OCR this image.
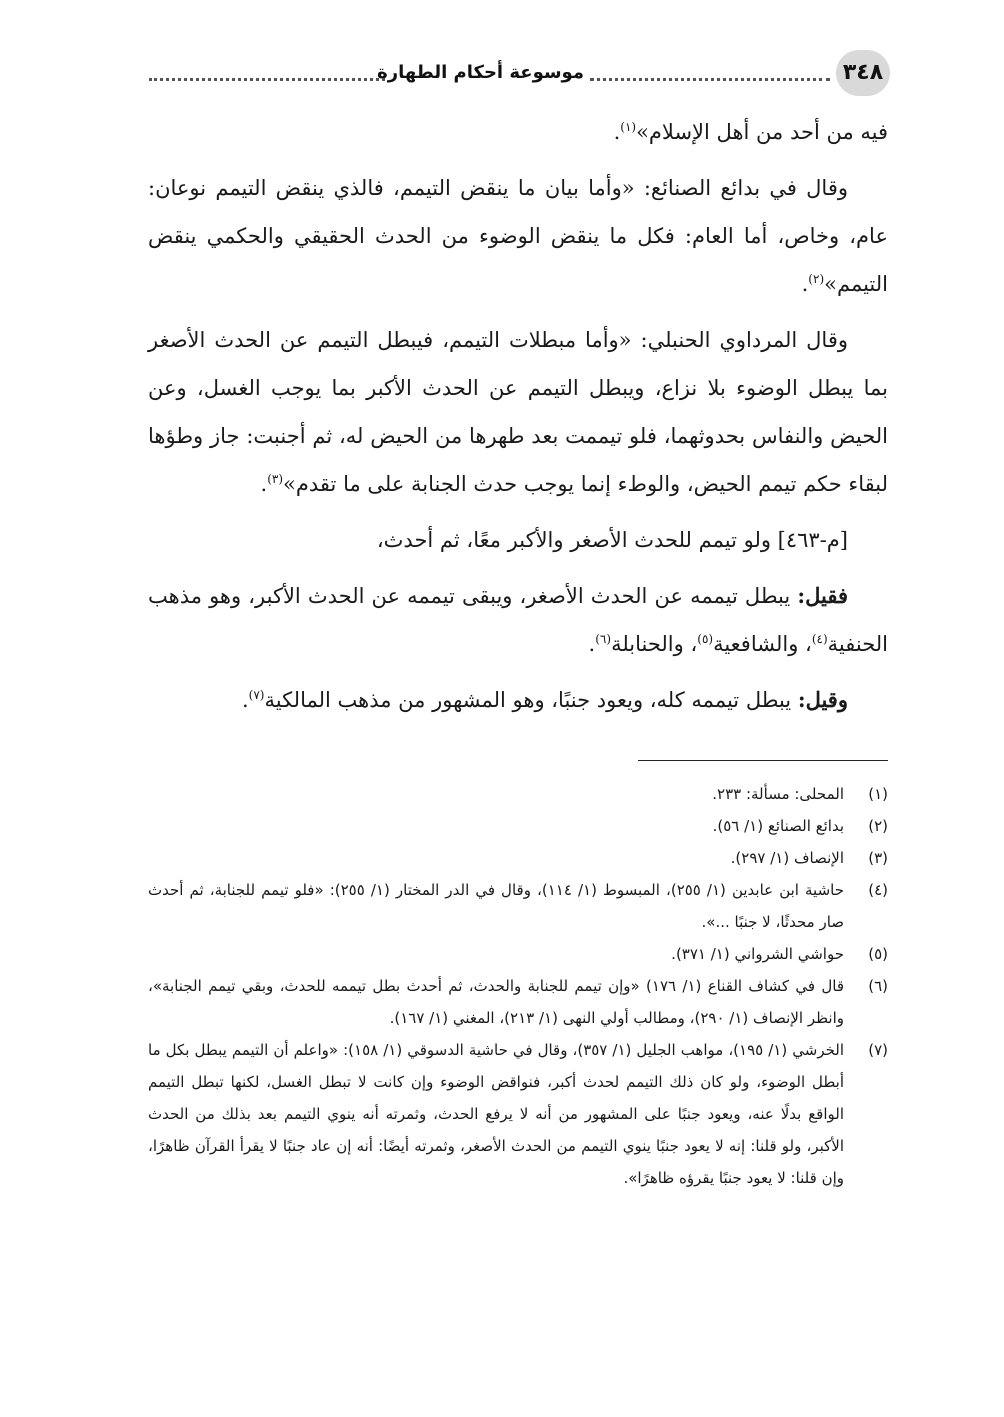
٣٤٨
موسوعة أحكام الطهارة

فيه من أحد من أهل الإسلام»$^{(١)}$.

وقال في بدائع الصنائع: «وأما بيان ما ينقض التيمم، فالذي ينقض التيمم نوعان: عام، وخاص، أما العام: فكل ما ينقض الوضوء من الحدث الحقيقي والحكمي ينقض التيمم»$^{(٢)}$.

وقال المرداوي الحنبلي: «وأما مبطلات التيمم، فيبطل التيمم عن الحدث الأصغر بما يبطل الوضوء بلا نزاع، ويبطل التيمم عن الحدث الأكبر بما يوجب الغسل، وعن الحيض والنفاس بحدوثهما، فلو تيممت بعد طهرها من الحيض له، ثم أجنبت: جاز وطؤها لبقاء حكم تيمم الحيض، والوطء إنما يوجب حدث الجنابة على ما تقدم»$^{(٣)}$.

[م-٤٦٣] ولو تيمم للحدث الأصغر والأكبر معًا، ثم أحدث،

فقيل: يبطل تيممه عن الحدث الأصغر، ويبقى تيممه عن الحدث الأكبر، وهو مذهب الحنفية$^{(٤)}$، والشافعية$^{(٥)}$، والحنابلة$^{(٦)}$.

وقيل: يبطل تيممه كله، ويعود جنبًا، وهو المشهور من مذهب المالكية$^{(٧)}$.

(١)
المحلى: مسألة: ٢٣٣.
(٢)
بدائع الصنائع (١/ ٥٦).
(٣)
الإنصاف (١/ ٢٩٧).
(٤)
حاشية ابن عابدين (١/ ٢٥٥)، المبسوط (١/ ١١٤)، وقال في الدر المختار (١/ ٢٥٥): «فلو تيمم للجنابة، ثم أحدث صار محدثًا، لا جنبًا ...».
(٥)
حواشي الشرواني (١/ ٣٧١).
(٦)
قال في كشاف القناع (١/ ١٧٦) «وإن تيمم للجنابة والحدث، ثم أحدث بطل تيممه للحدث، وبقي تيمم الجنابة»، وانظر الإنصاف (١/ ٢٩٠)، ومطالب أولي النهى (١/ ٢١٣)، المغني (١/ ١٦٧).
(٧)
الخرشي (١/ ١٩٥)، مواهب الجليل (١/ ٣٥٧)، وقال في حاشية الدسوقي (١/ ١٥٨): «واعلم أن التيمم يبطل بكل ما أبطل الوضوء، ولو كان ذلك التيمم لحدث أكبر، فنواقض الوضوء وإن كانت لا تبطل الغسل، لكنها تبطل التيمم الواقع بدلًا عنه، ويعود جنبًا على المشهور من أنه لا يرفع الحدث، وثمرته أنه ينوي التيمم بعد بذلك من الحدث الأكبر، ولو قلنا: إنه لا يعود جنبًا ينوي التيمم من الحدث الأصغر، وثمرته أيضًا: أنه إن عاد جنبًا لا يقرأ القرآن ظاهرًا، وإن قلنا: لا يعود جنبًا يقرؤه ظاهرًا».
